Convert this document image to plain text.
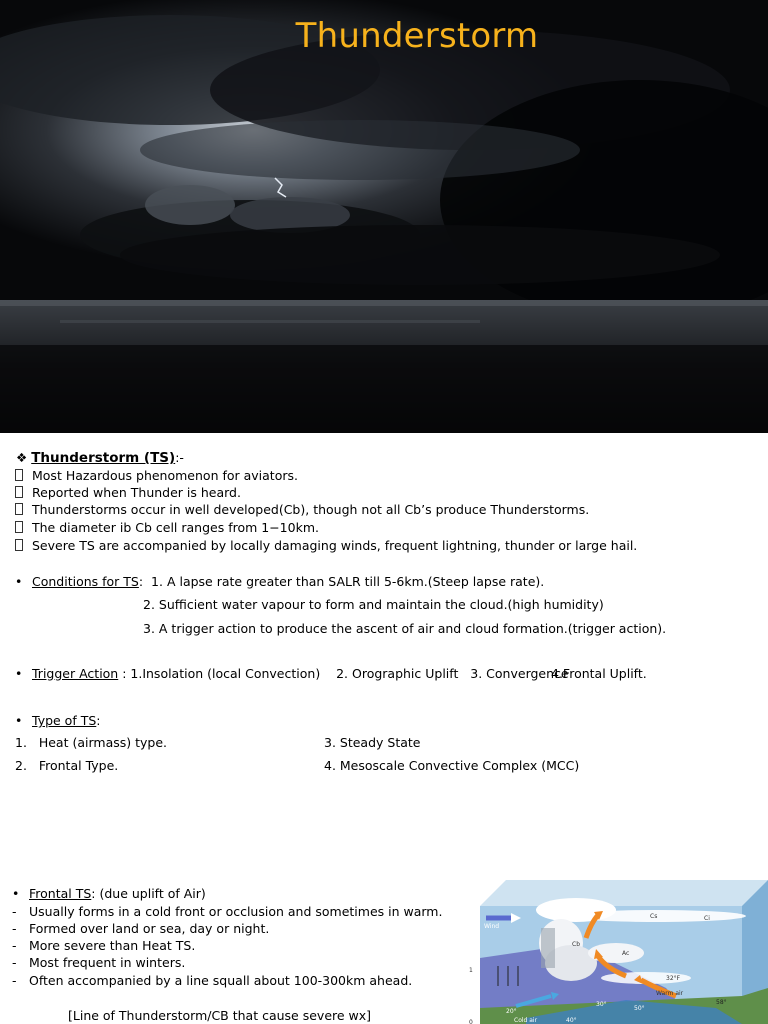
Thunderstorm
❖ Thunderstorm (TS):-
Most Hazardous phenomenon for aviators.
Reported when Thunder is heard.
Thunderstorms occur in well developed(Cb), though not all Cb’s produce Thunderstorms.
The diameter ib Cb cell ranges from 1−10km.
Severe TS are accompanied by locally damaging winds, frequent lightning, thunder or large hail.
• Conditions for TS:  1. A lapse rate greater than SALR till 5-6km.(Steep lapse rate).
2. Sufficient water vapour to form and maintain the cloud.(high humidity)
3. A trigger action to produce the ascent of air and cloud formation.(trigger action).
• Trigger Action : 1.Insolation (local Convection)    2. Orographic Uplift   3. Convergence
4.Frontal Uplift.
• Type of TS:
1.   Heat (airmass) type.	3. Steady State
2.   Frontal Type.	4. Mesoscale Convective Complex (MCC)
• Frontal TS: (due uplift of Air)
- Usually forms in a cold front or occlusion and sometimes in warm.
- Formed over land or sea, day or night.
- More severe than Heat TS.
- Most frequent in winters.
- Often accompanied by a line squall about 100-300km ahead.
[Line of Thunderstorm/CB that cause severe wx]
Wind
Cs	Ci
Cb
Ac
32°F
Warm air
Cold air
20°
40°
50°
30°	58°
1
0
